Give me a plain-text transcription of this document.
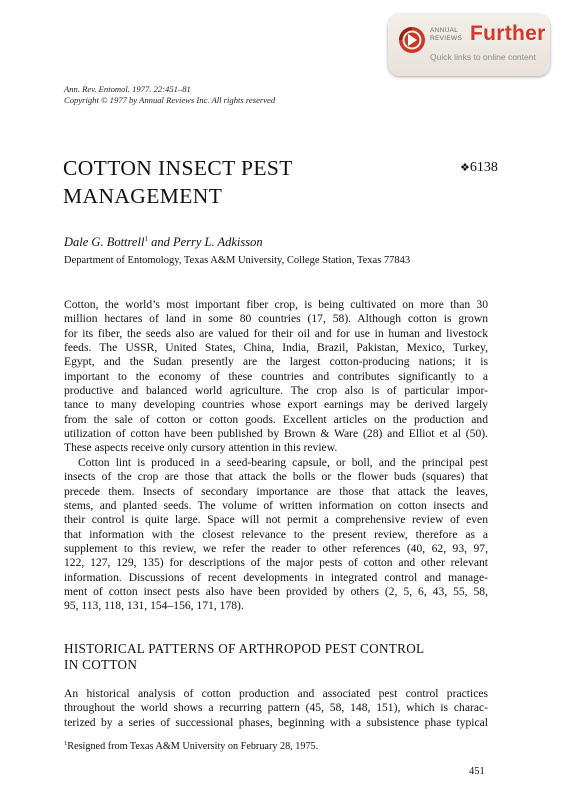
ANNUAL
REVIEWS Further
Quick links to online content
Ann. Rev. Entomol. 1977. 22:451–81
Copyright © 1977 by Annual Reviews Inc. All rights reserved
COTTON INSECT PEST
MANAGEMENT
❖6138
Dale G. Bottrell$^1$ and Perry L. Adkisson
Department of Entomology, Texas A&M University, College Station, Texas 77843
Cotton, the world’s most important fiber crop, is being cultivated on more than 30
million hectares of land in some 80 countries (17, 58). Although cotton is grown
for its fiber, the seeds also are valued for their oil and for use in human and livestock
feeds. The USSR, United States, China, India, Brazil, Pakistan, Mexico, Turkey,
Egypt, and the Sudan presently are the largest cotton-producing nations; it is
important to the economy of these countries and contributes significantly to a
productive and balanced world agriculture. The crop also is of particular impor-
tance to many developing countries whose export earnings may be derived largely
from the sale of cotton or cotton goods. Excellent articles on the production and
utilization of cotton have been published by Brown & Ware (28) and Elliot et al (50).
These aspects receive only cursory attention in this review.
Cotton lint is produced in a seed-bearing capsule, or boll, and the principal pest
insects of the crop are those that attack the bolls or the flower buds (squares) that
precede them. Insects of secondary importance are those that attack the leaves,
stems, and planted seeds. The volume of written information on cotton insects and
their control is quite large. Space will not permit a comprehensive review of even
that information with the closest relevance to the present review, therefore as a
supplement to this review, we refer the reader to other references (40, 62, 93, 97,
122, 127, 129, 135) for descriptions of the major pests of cotton and other relevant
information. Discussions of recent developments in integrated control and manage-
ment of cotton insect pests also have been provided by others (2, 5, 6, 43, 55, 58,
95, 113, 118, 131, 154–156, 171, 178).
HISTORICAL PATTERNS OF ARTHROPOD PEST CONTROL
IN COTTON
An historical analysis of cotton production and associated pest control practices
throughout the world shows a recurring pattern (45, 58, 148, 151), which is charac-
terized by a series of successional phases, beginning with a subsistence phase typical
$^1$Resigned from Texas A&M University on February 28, 1975.
451
